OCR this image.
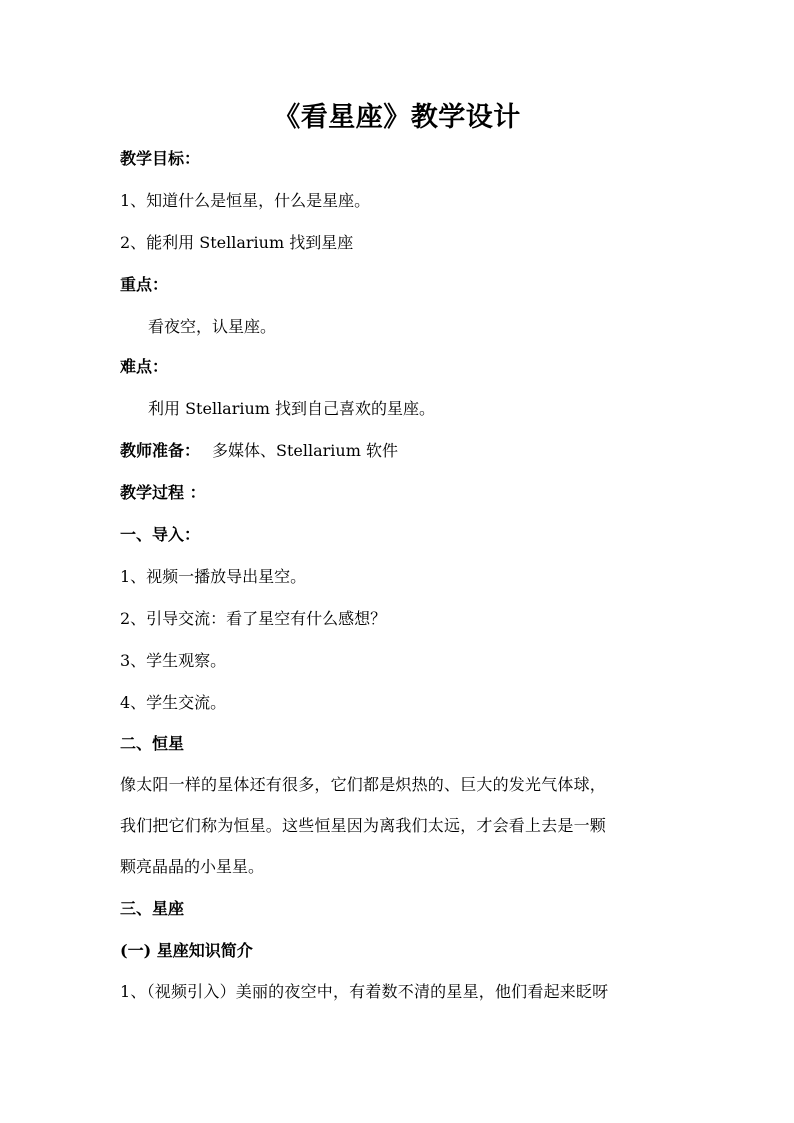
《看星座》教学设计
教学目标：
1、知道什么是恒星，什么是星座。
2、能利用 Stellarium 找到星座
重点：
看夜空，认星座。
难点：
利用 Stellarium 找到自己喜欢的星座。
教师准备： 多媒体、Stellarium 软件
教学过程 ：
一、导入：
1、视频一播放导出星空。
2、引导交流：看了星空有什么感想？
3、学生观察。
4、学生交流。
二、恒星
像太阳一样的星体还有很多，它们都是炽热的、巨大的发光气体球，
我们把它们称为恒星。这些恒星因为离我们太远，才会看上去是一颗
颗亮晶晶的小星星。
三、星座
(一) 星座知识简介
1、（视频引入）美丽的夜空中，有着数不清的星星，他们看起来眨呀
